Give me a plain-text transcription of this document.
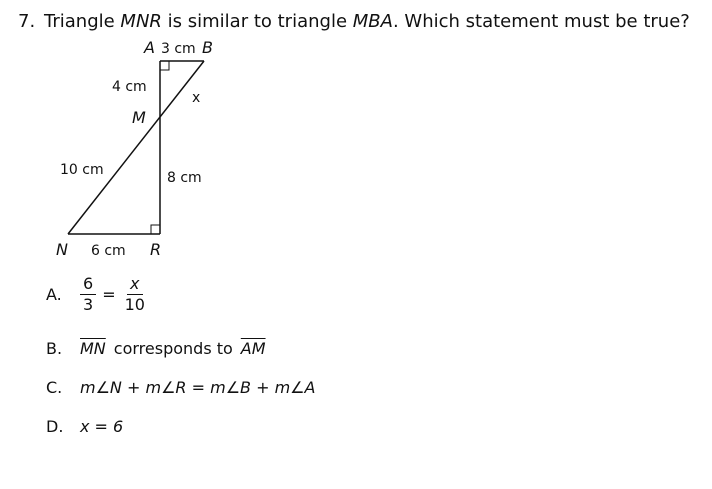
7. Triangle MNR is similar to triangle MBA. Which statement must be true?
A	B
M
N	R
3 cm
4 cm
x
10 cm	8 cm
6 cm
A.	$\frac{6}{3} = \frac{x}{10}$
B.	$\overline{MN}$ corresponds to $\overline{AM}$
C.	m∠N + m∠R = m∠B + m∠A
D.	x = 6
